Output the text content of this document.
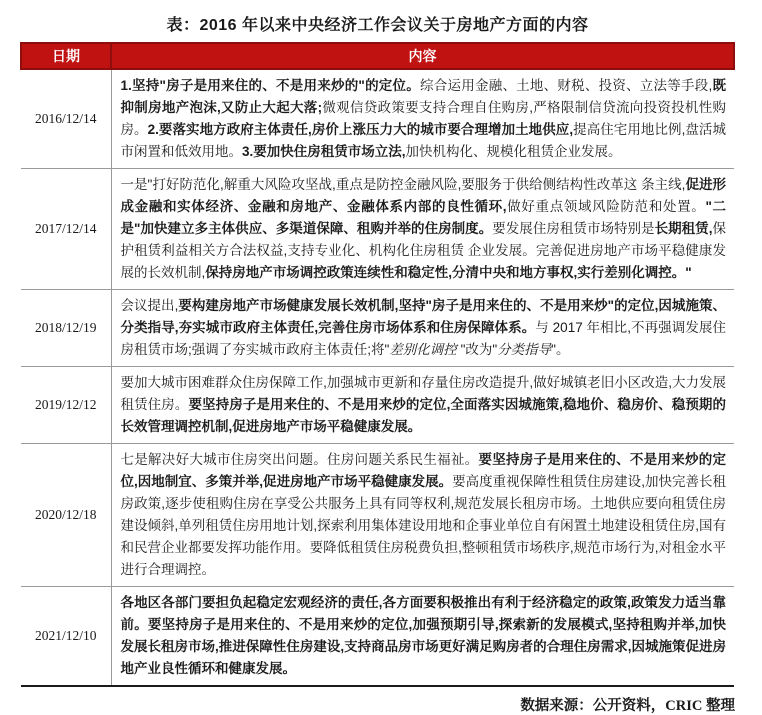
表：2016 年以来中央经济工作会议关于房地产方面的内容
日期	内容
2016/12/14	1.坚持"房子是用来住的、不是用来炒的"的定位。综合运用金融、土地、财税、投资、立法等手段,既抑制房地产泡沫,又防止大起大落;微观信贷政策要支持合理自住购房,严格限制信贷流向投资投机性购房。2.要落实地方政府主体责任,房价上涨压力大的城市要合理增加土地供应,提高住宅用地比例,盘活城市闲置和低效用地。3.要加快住房租赁市场立法,加快机构化、规模化租赁企业发展。
2017/12/14	一是"打好防范化,解重大风险攻坚战,重点是防控金融风险,要服务于供给侧结构性改革这 条主线,促进形成金融和实体经济、金融和房地产、金融体系内部的良性循环,做好重点领域风险防范和处置。"二是"加快建立多主体供应、多渠道保障、租购并举的住房制度。要发展住房租赁市场特别是长期租赁,保护租赁利益相关方合法权益,支持专业化、机构化住房租赁 企业发展。完善促进房地产市场平稳健康发展的长效机制,保持房地产市场调控政策连续性和稳定性,分清中央和地方事权,实行差别化调控。"
2018/12/19	会议提出,要构建房地产市场健康发展长效机制,坚持"房子是用来住的、不是用来炒"的定位,因城施策、分类指导,夯实城市政府主体责任,完善住房市场体系和住房保障体系。与 2017 年相比,不再强调发展住房租赁市场;强调了夯实城市政府主体责任;将"差别化调控 "改为"分类指导"。
2019/12/12	要加大城市困难群众住房保障工作,加强城市更新和存量住房改造提升,做好城镇老旧小区改造,大力发展租赁住房。要坚持房子是用来住的、不是用来炒的定位,全面落实因城施策,稳地价、稳房价、稳预期的长效管理调控机制,促进房地产市场平稳健康发展。
2020/12/18	七是解决好大城市住房突出问题。住房问题关系民生福祉。要坚持房子是用来住的、不是用来炒的定位,因地制宜、多策并举,促进房地产市场平稳健康发展。要高度重视保障性租赁住房建设,加快完善长租房政策,逐步使租购住房在享受公共服务上具有同等权利,规范发展长租房市场。土地供应要向租赁住房建设倾斜,单列租赁住房用地计划,探索利用集体建设用地和企事业单位自有闲置土地建设租赁住房,国有和民营企业都要发挥功能作用。要降低租赁住房税费负担,整顿租赁市场秩序,规范市场行为,对租金水平进行合理调控。
2021/12/10	各地区各部门要担负起稳定宏观经济的责任,各方面要积极推出有利于经济稳定的政策,政策发力适当靠前。要坚持房子是用来住的、不是用来炒的定位,加强预期引导,探索新的发展模式,坚持租购并举,加快发展长租房市场,推进保障性住房建设,支持商品房市场更好满足购房者的合理住房需求,因城施策促进房地产业良性循环和健康发展。
数据来源：公开资料，CRIC 整理
